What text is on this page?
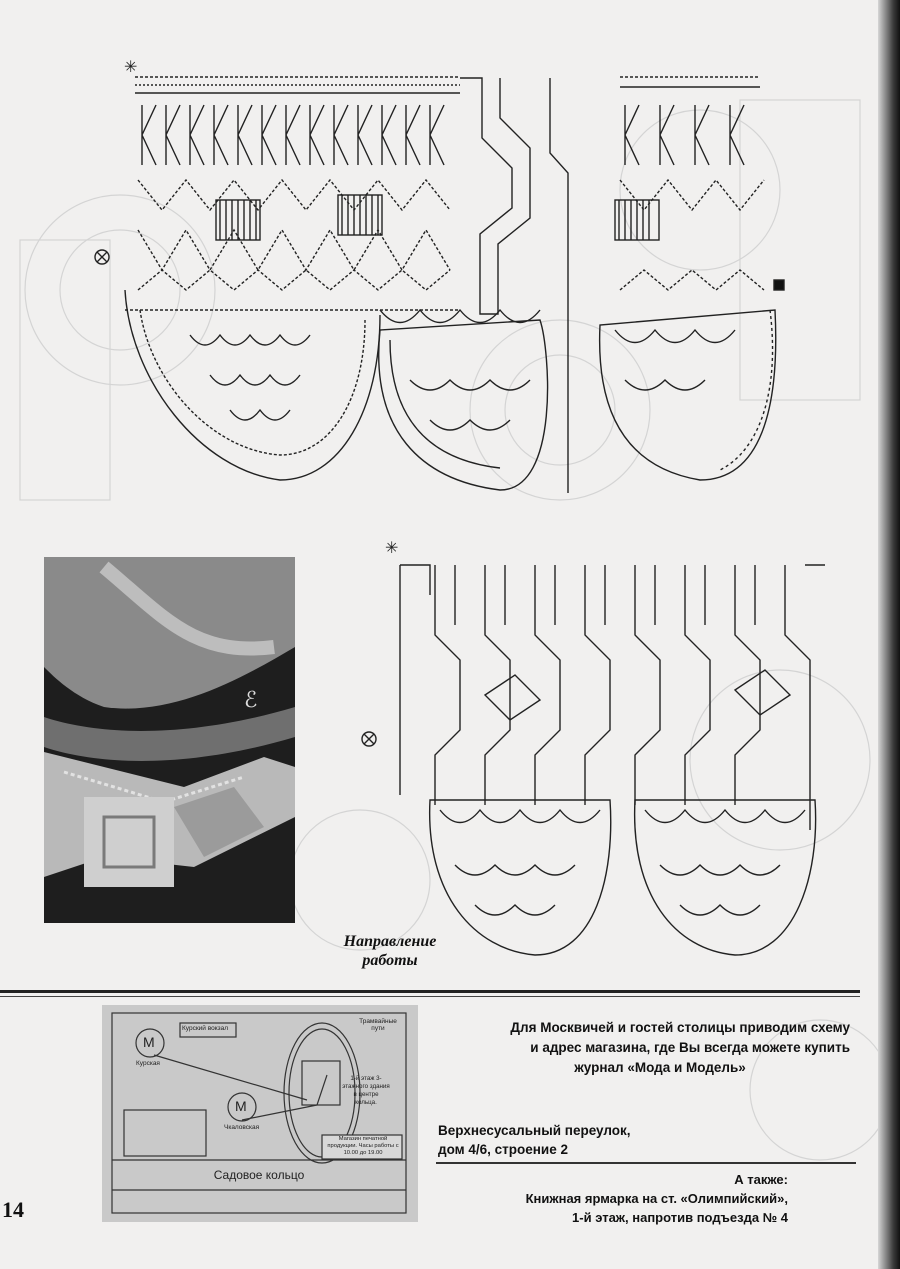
✳
ℰ
✳
Направление
работы
М
М
Курская
Чкаловская
Курский вокзал
Трамвайные пути
1-й этаж 3-этажного здания в центре кольца.
Магазин печатной продукции. Часы работы с 10.00 до 19.00
Садовое кольцо
Для Москвичей и гостей столицы приводим схему
и адрес магазина, где Вы всегда можете купить
журнал «Мода и Модель»
Верхнесусальный переулок,
дом 4/6, строение 2
А также:
Книжная ярмарка на ст. «Олимпийский»,
1-й этаж, напротив подъезда № 4
14
